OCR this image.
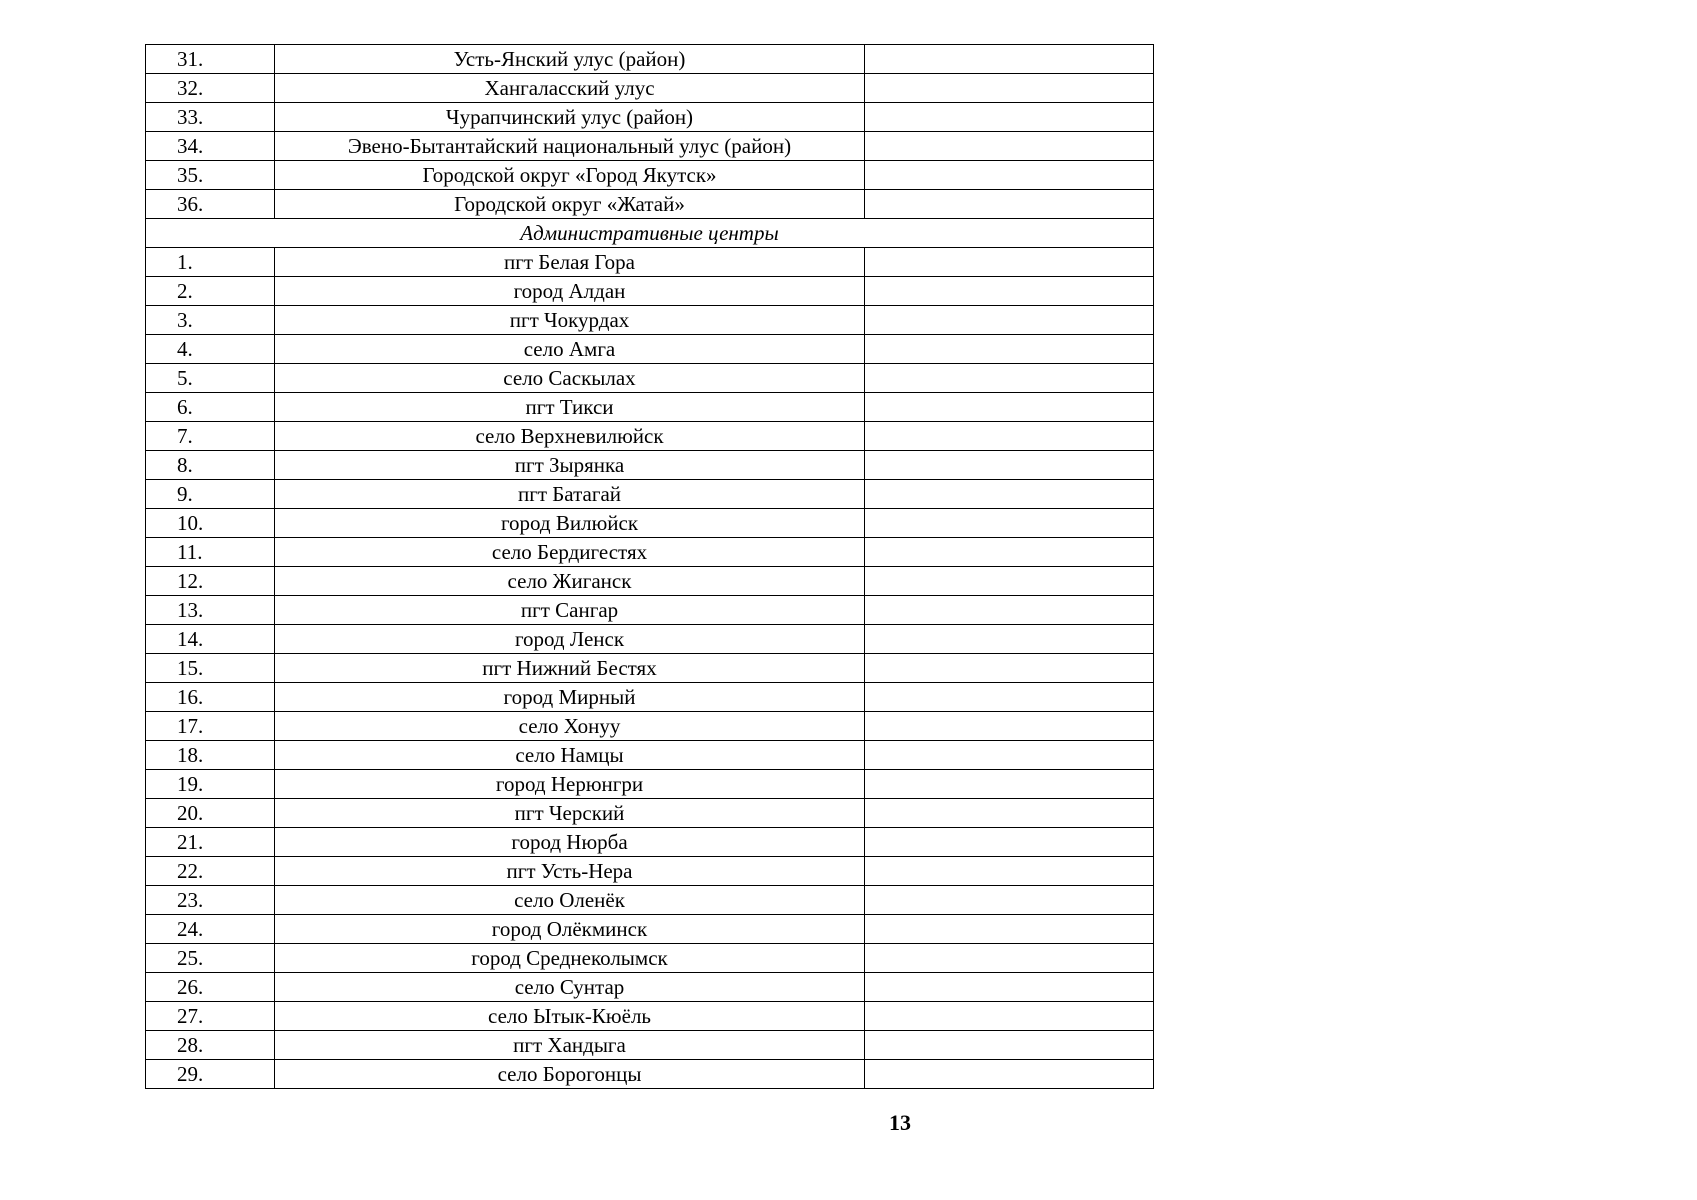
31.	Усть-Янский улус (район)	
32.	Хангаласский улус	
33.	Чурапчинский улус (район)	
34.	Эвено-Бытантайский национальный улус (район)	
35.	Городской округ «Город Якутск»	
36.	Городской округ «Жатай»	
Административные центры		
1.	пгт Белая Гора	
2.	город Алдан	
3.	пгт Чокурдах	
4.	село Амга	
5.	село Саскылах	
6.	пгт Тикси	
7.	село Верхневилюйск	
8.	пгт Зырянка	
9.	пгт Батагай	
10.	город Вилюйск	
11.	село Бердигестях	
12.	село Жиганск	
13.	пгт Сангар	
14.	город Ленск	
15.	пгт Нижний Бестях	
16.	город Мирный	
17.	село Хонуу	
18.	село Намцы	
19.	город Нерюнгри	
20.	пгт Черский	
21.	город Нюрба	
22.	пгт Усть-Нера	
23.	село Оленёк	
24.	город Олёкминск	
25.	город Среднеколымск	
26.	село Сунтар	
27.	село Ытык-Кюёль	
28.	пгт Хандыга	
29.	село Борогонцы	
13
